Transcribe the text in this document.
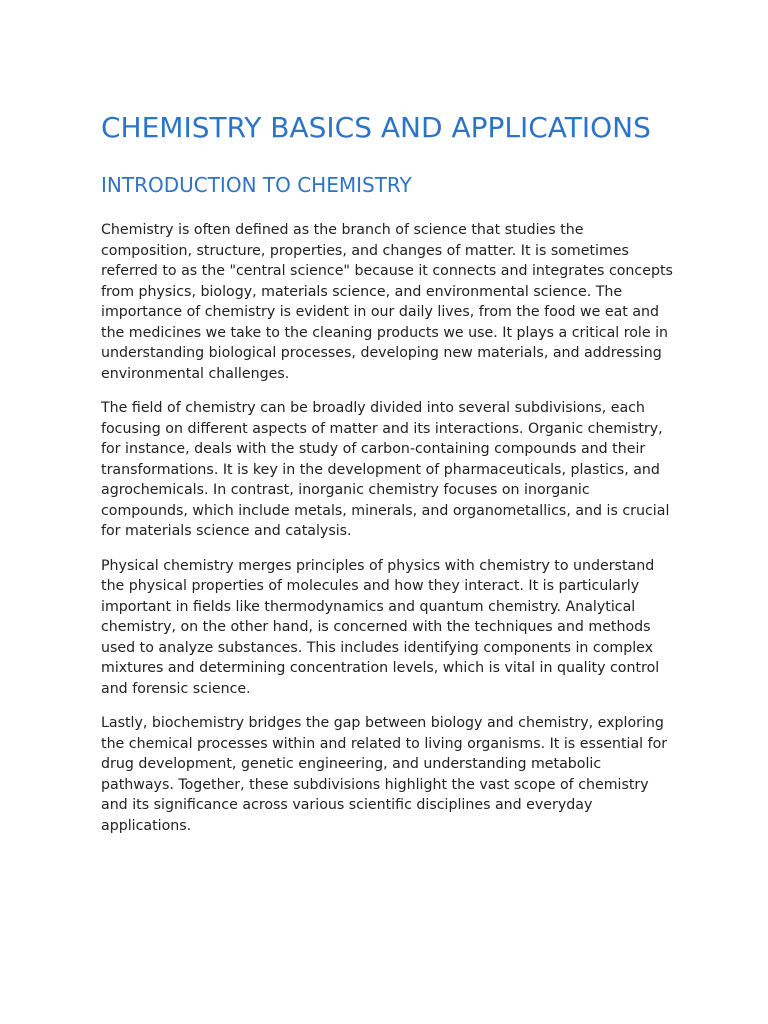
CHEMISTRY BASICS AND APPLICATIONS
INTRODUCTION TO CHEMISTRY

Chemistry is often defined as the branch of science that studies the composition, structure, properties, and changes of matter. It is sometimes referred to as the "central science" because it connects and integrates concepts from physics, biology, materials science, and environmental science. The importance of chemistry is evident in our daily lives, from the food we eat and the medicines we take to the cleaning products we use. It plays a critical role in understanding biological processes, developing new materials, and addressing environmental challenges.

The field of chemistry can be broadly divided into several subdivisions, each focusing on different aspects of matter and its interactions. Organic chemistry, for instance, deals with the study of carbon-containing compounds and their transformations. It is key in the development of pharmaceuticals, plastics, and agrochemicals. In contrast, inorganic chemistry focuses on inorganic compounds, which include metals, minerals, and organometallics, and is crucial for materials science and catalysis.

Physical chemistry merges principles of physics with chemistry to understand the physical properties of molecules and how they interact. It is particularly important in fields like thermodynamics and quantum chemistry. Analytical chemistry, on the other hand, is concerned with the techniques and methods used to analyze substances. This includes identifying components in complex mixtures and determining concentration levels, which is vital in quality control and forensic science.

Lastly, biochemistry bridges the gap between biology and chemistry, exploring the chemical processes within and related to living organisms. It is essential for drug development, genetic engineering, and understanding metabolic pathways. Together, these subdivisions highlight the vast scope of chemistry and its significance across various scientific disciplines and everyday applications.
